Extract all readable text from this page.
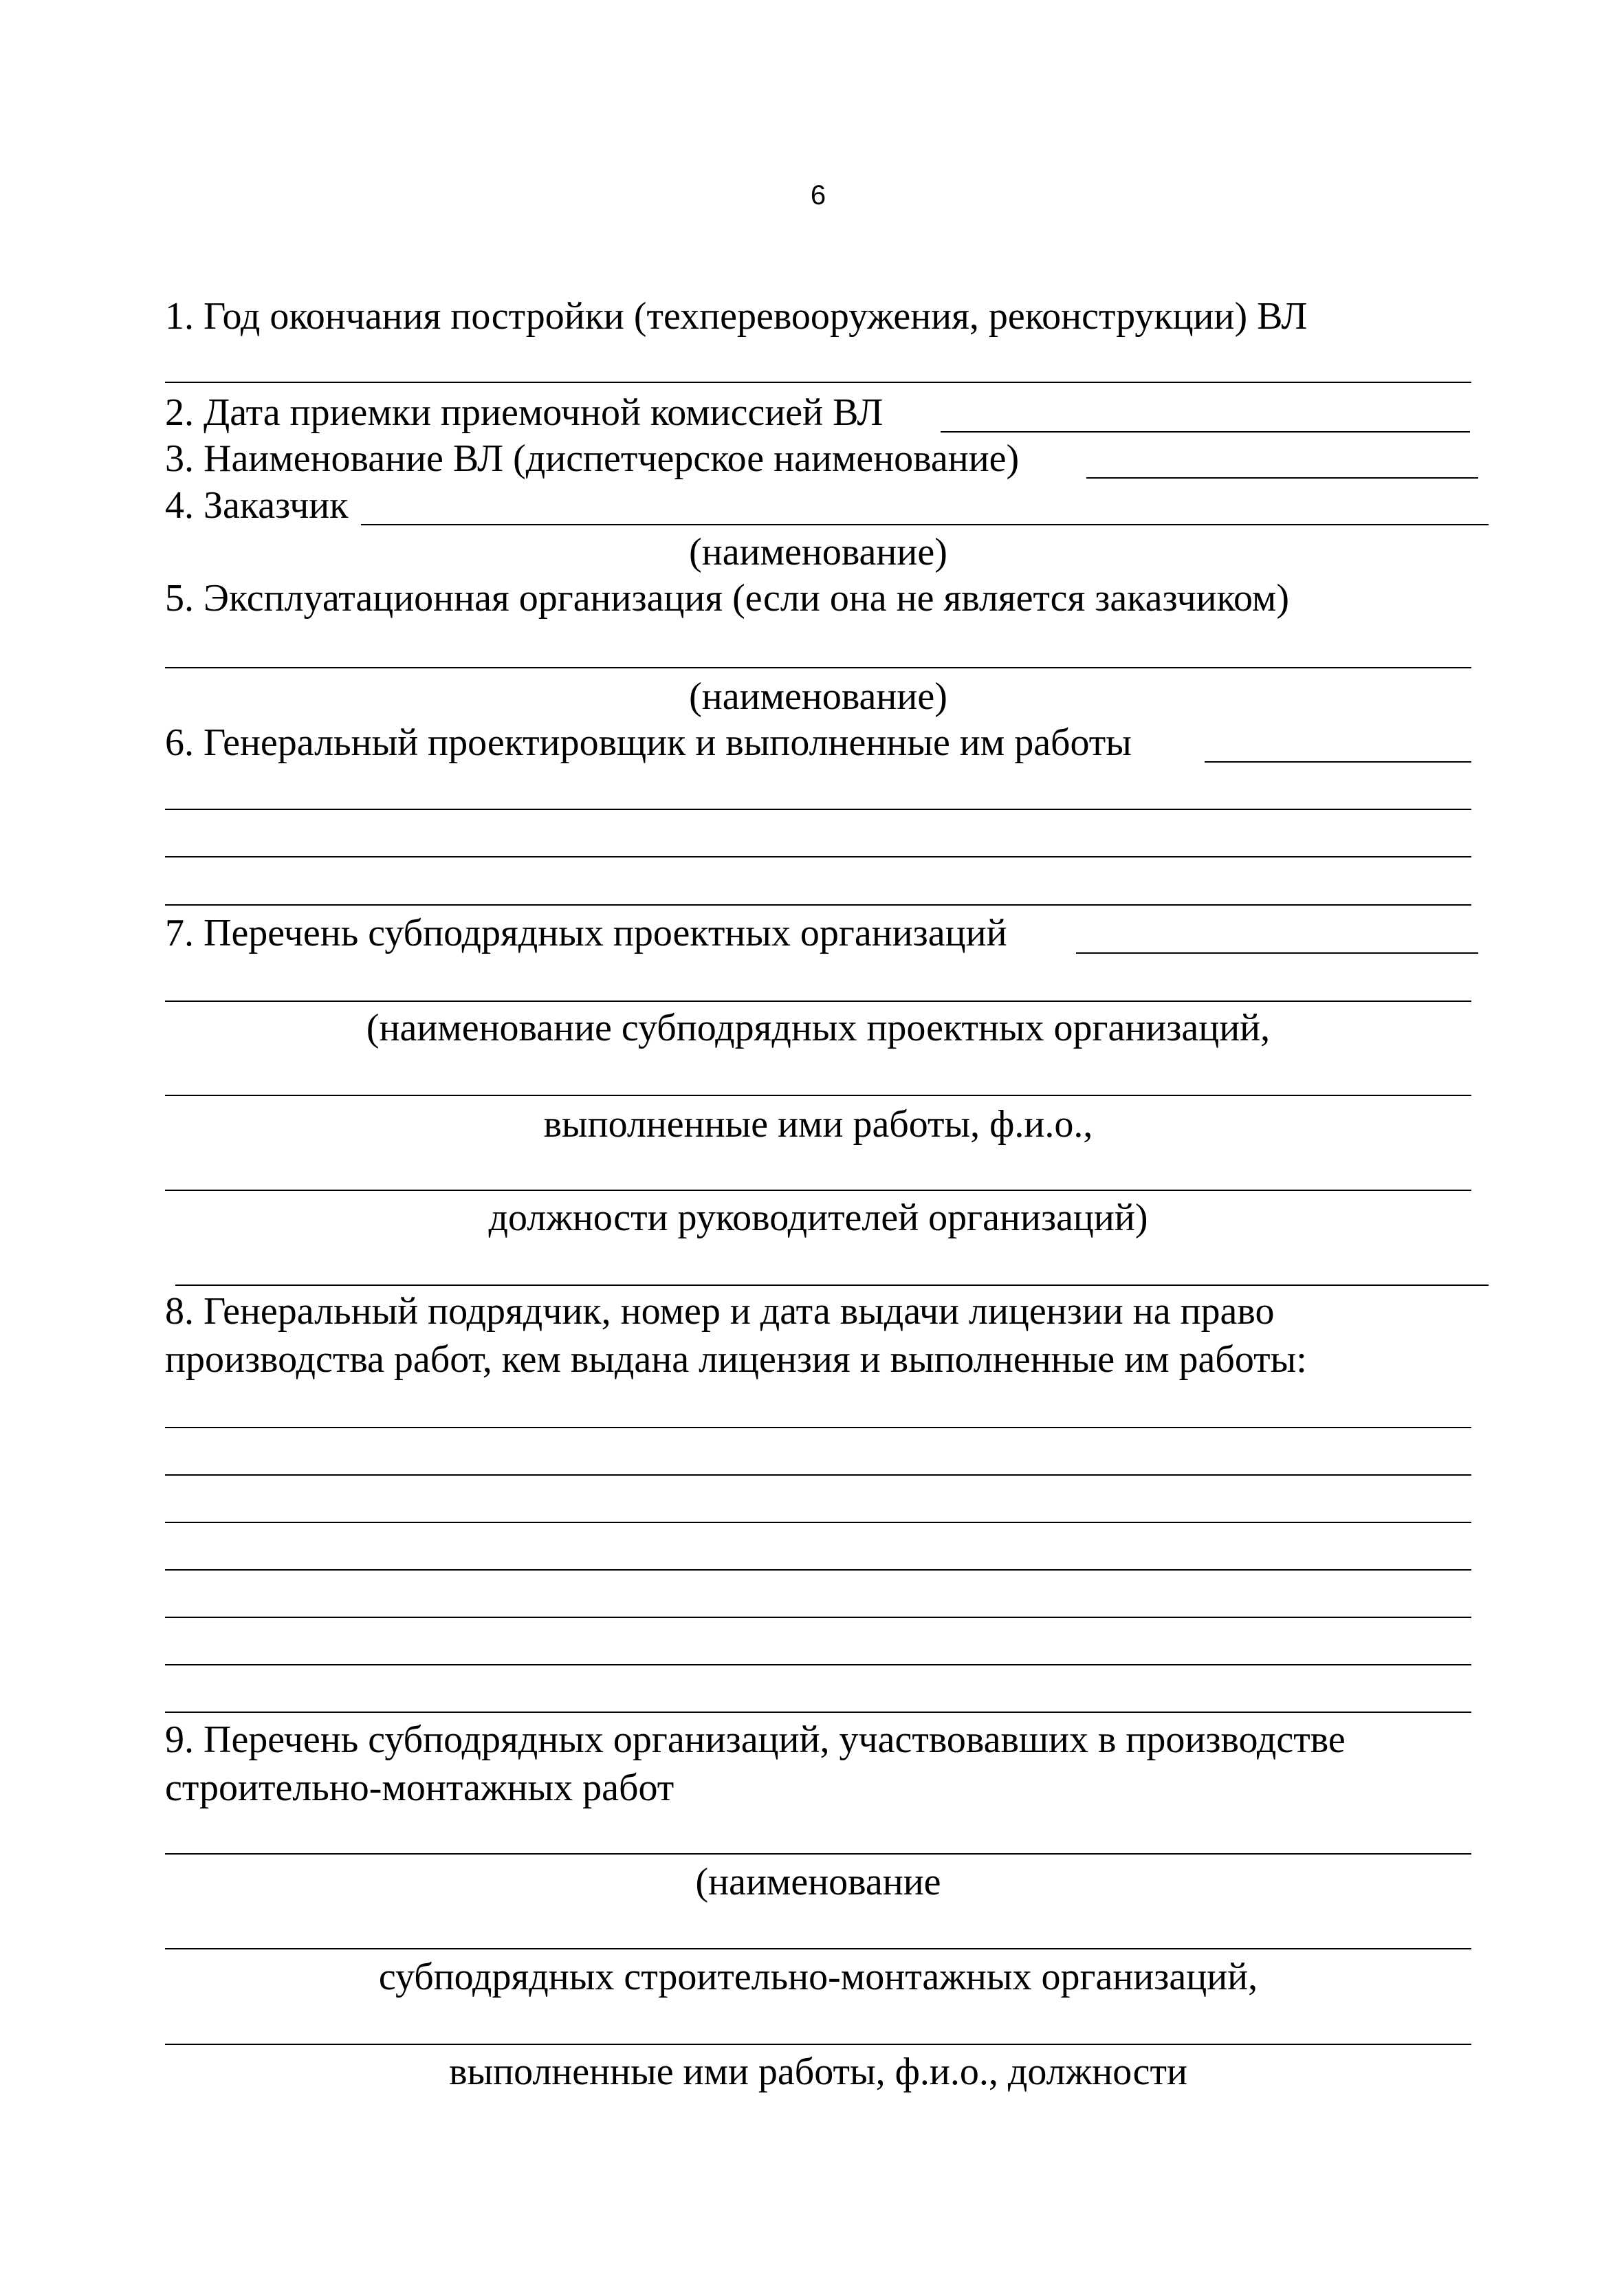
6
1. Год окончания постройки (техперевооружения, реконструкции) ВЛ
2. Дата приемки приемочной комиссией ВЛ
3. Наименование ВЛ (диспетчерское наименование)
4. Заказчик
(наименование)
5. Эксплуатационная организация (если она не является заказчиком)
(наименование)
6. Генеральный проектировщик и выполненные им работы
7. Перечень субподрядных проектных организаций
(наименование субподрядных проектных организаций,
выполненные ими работы, ф.и.о.,
должности руководителей организаций)
8. Генеральный подрядчик, номер и дата выдачи лицензии на право
производства работ, кем выдана лицензия и выполненные им работы:
9. Перечень субподрядных организаций, участвовавших в производстве
строительно-монтажных работ
(наименование
субподрядных строительно-монтажных организаций,
выполненные ими работы, ф.и.о., должности
